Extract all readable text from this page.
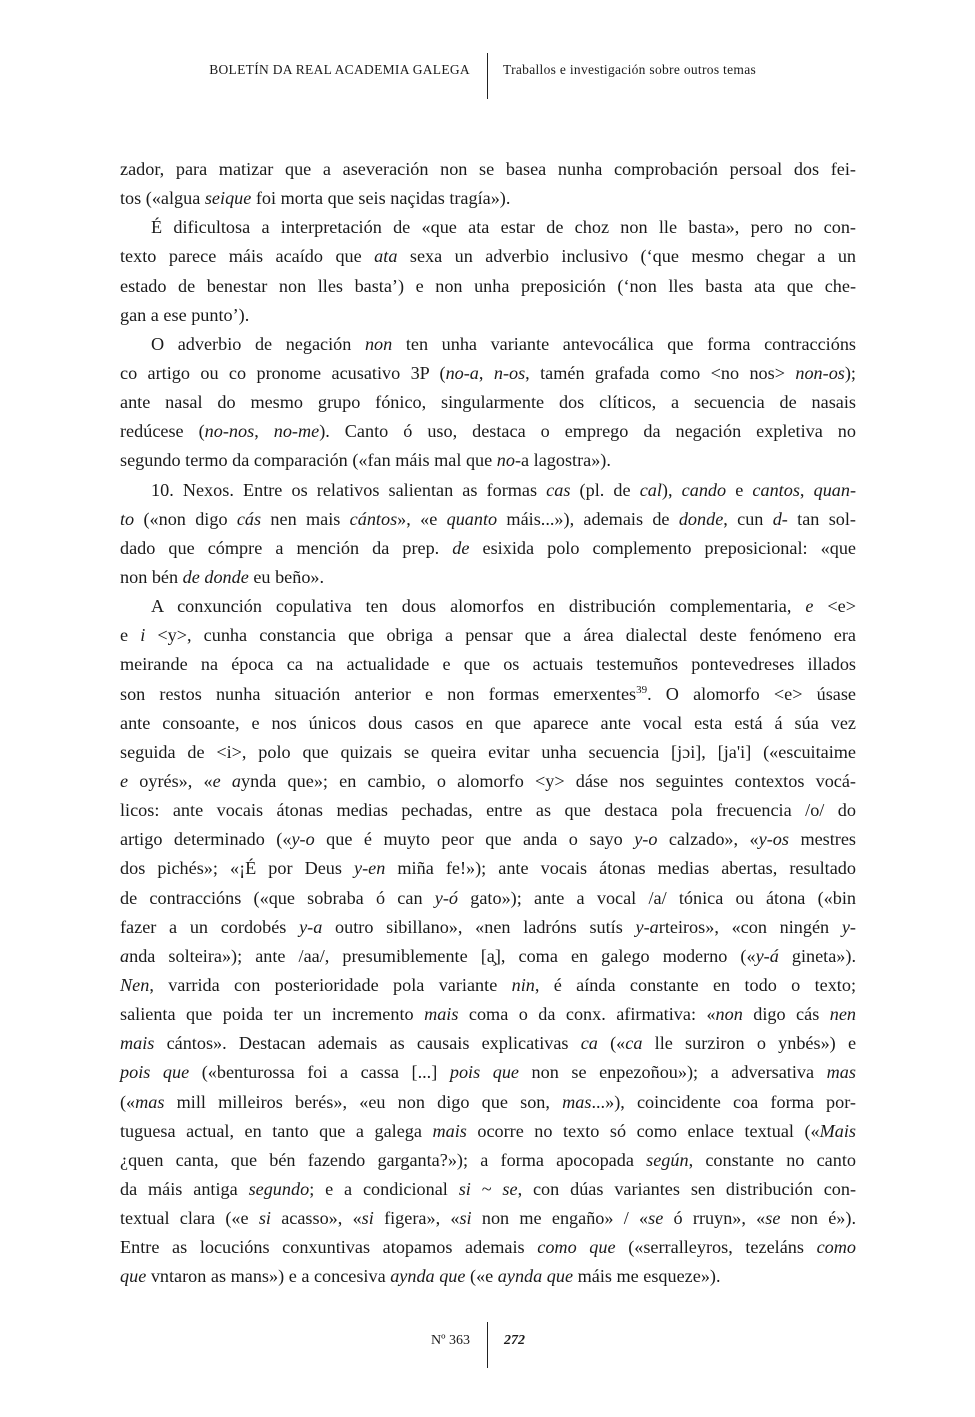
BOLETÍN DA REAL ACADEMIA GALEGA Traballos e investigación sobre outros temas
zador, para matizar que a aseveración non se basea nunha comprobación persoal dos fei-
tos («algua seique foi morta que seis naçidas tragía»).
É dificultosa a interpretación de «que ata estar de choz non lle basta», pero no con-
texto parece máis acaído que ata sexa un adverbio inclusivo (‘que mesmo chegar a un
estado de benestar non lles basta’) e non unha preposición (‘non lles basta ata que che-
gan a ese punto’).
O adverbio de negación non ten unha variante antevocálica que forma contraccións
co artigo ou co pronome acusativo 3P (no-a, n-os, tamén grafada como <no nos> non-os);
ante nasal do mesmo grupo fónico, singularmente dos clíticos, a secuencia de nasais
redúcese (no-nos, no-me). Canto ó uso, destaca o emprego da negación expletiva no
segundo termo da comparación («fan máis mal que no-a lagostra»).
10. Nexos. Entre os relativos salientan as formas cas (pl. de cal), cando e cantos, quan-
to («non digo cás nen mais cántos», «e quanto máis...»), ademais de donde, cun d- tan sol-
dado que cómpre a mención da prep. de esixida polo complemento preposicional: «que
non bén de donde eu beño».
A conxunción copulativa ten dous alomorfos en distribución complementaria, e <e>
e i <y>, cunha constancia que obriga a pensar que a área dialectal deste fenómeno era
meirande na época ca na actualidade e que os actuais testemuños pontevedreses illados
son restos nunha situación anterior e non formas emerxentes$^{39}$. O alomorfo <e> úsase
ante consoante, e nos únicos dous casos en que aparece ante vocal esta está á súa vez
seguida de <i>, polo que quizais se queira evitar unha secuencia [jɔi], [ja'i] («escuitaime
e oyrés», «e aynda que»; en cambio, o alomorfo <y> dáse nos seguintes contextos vocá-
licos: ante vocais átonas medias pechadas, entre as que destaca pola frecuencia /o/ do
artigo determinado («y-o que é muyto peor que anda o sayo y-o calzado», «y-os mestres
dos pichés»; «¡É por Deus y-en miña fe!»); ante vocais átonas medias abertas, resultado
de contraccións («que sobraba ó can y-ó gato»); ante a vocal /a/ tónica ou átona («bin
fazer a un cordobés y-a outro sibillano», «nen ladróns sutís y-arteiros», «con ningén y-
anda solteira»); ante /aa/, presumiblemente [a̧], coma en galego moderno («y-á gineta»).
Nen, varrida con posterioridade pola variante nin, é aínda constante en todo o texto;
salienta que poida ter un incremento mais coma o da conx. afirmativa: «non digo cás nen
mais cántos». Destacan ademais as causais explicativas ca («ca lle surziron o ynbés») e
pois que («benturossa foi a cassa [...] pois que non se enpezoñou»); a adversativa mas
(«mas mill milleiros berés», «eu non digo que son, mas...»), coincidente coa forma por-
tuguesa actual, en tanto que a galega mais ocorre no texto só como enlace textual («Mais
¿quen canta, que bén fazendo garganta?»); a forma apocopada según, constante no canto
da máis antiga segundo; e a condicional si ~ se, con dúas variantes sen distribución con-
textual clara («e si acasso», «si figera», «si non me engaño» / «se ó rruyn», «se non é»).
Entre as locucións conxuntivas atopamos ademais como que («serralleyros, tezeláns como
que vntaron as mans») e a concesiva aynda que («e aynda que máis me esqueze»).
Nº 363 272
